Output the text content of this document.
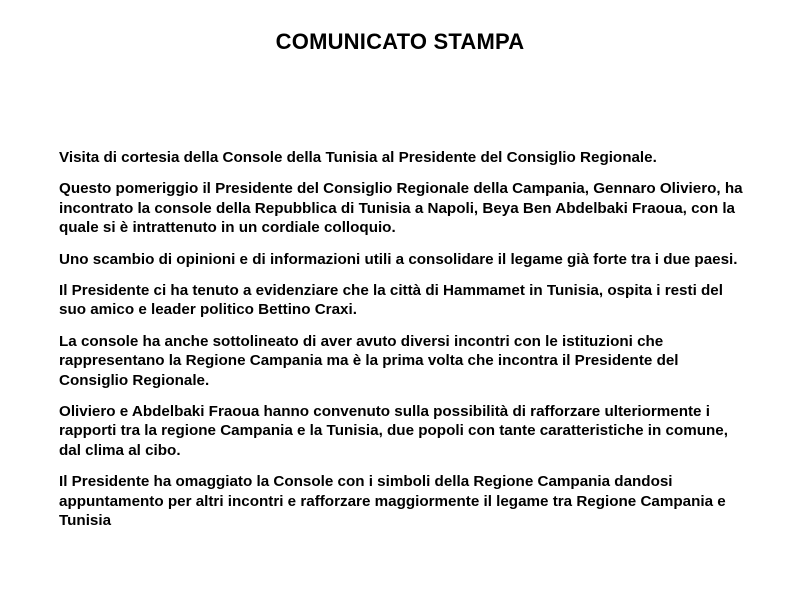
COMUNICATO STAMPA

Visita di cortesia della Console della Tunisia al Presidente del Consiglio Regionale.

Questo pomeriggio il Presidente del Consiglio Regionale della Campania, Gennaro Oliviero, ha incontrato la console della Repubblica di Tunisia a Napoli, Beya Ben Abdelbaki Fraoua, con la quale si è intrattenuto in un cordiale colloquio.

Uno scambio di opinioni e di informazioni utili a consolidare il legame già forte tra i due paesi.

Il Presidente ci ha tenuto a evidenziare che la città di Hammamet in Tunisia, ospita i resti del suo amico e leader politico Bettino Craxi.

La console ha anche sottolineato di aver avuto diversi incontri con le istituzioni che rappresentano la Regione Campania ma è la prima volta che incontra il Presidente del Consiglio Regionale.

Oliviero e Abdelbaki Fraoua hanno convenuto sulla possibilità di rafforzare ulteriormente i rapporti tra la regione Campania e la Tunisia, due popoli con tante caratteristiche in comune, dal clima al cibo.

Il Presidente ha omaggiato la Console con i simboli della Regione Campania dandosi appuntamento per altri incontri e rafforzare maggiormente il legame tra Regione Campania e Tunisia
